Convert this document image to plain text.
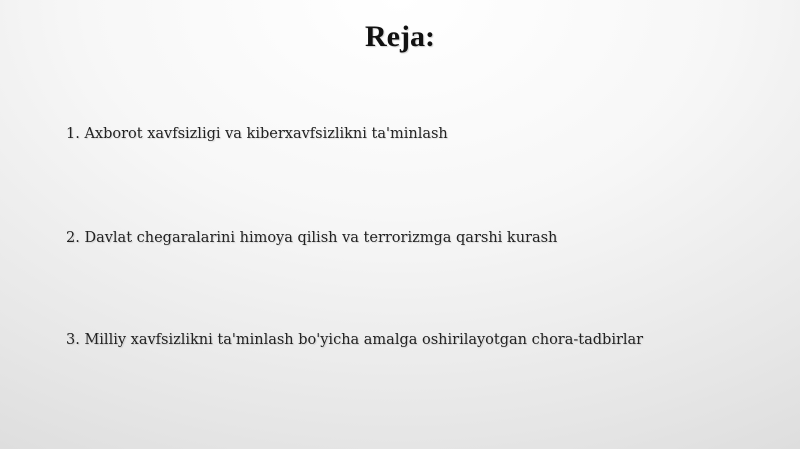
Reja:
1. Axborot xavfsizligi va kiberxavfsizlikni ta'minlash
2. Davlat chegaralarini himoya qilish va terrorizmga qarshi kurash
3. Milliy xavfsizlikni ta'minlash bo'yicha amalga oshirilayotgan chora-tadbirlar
